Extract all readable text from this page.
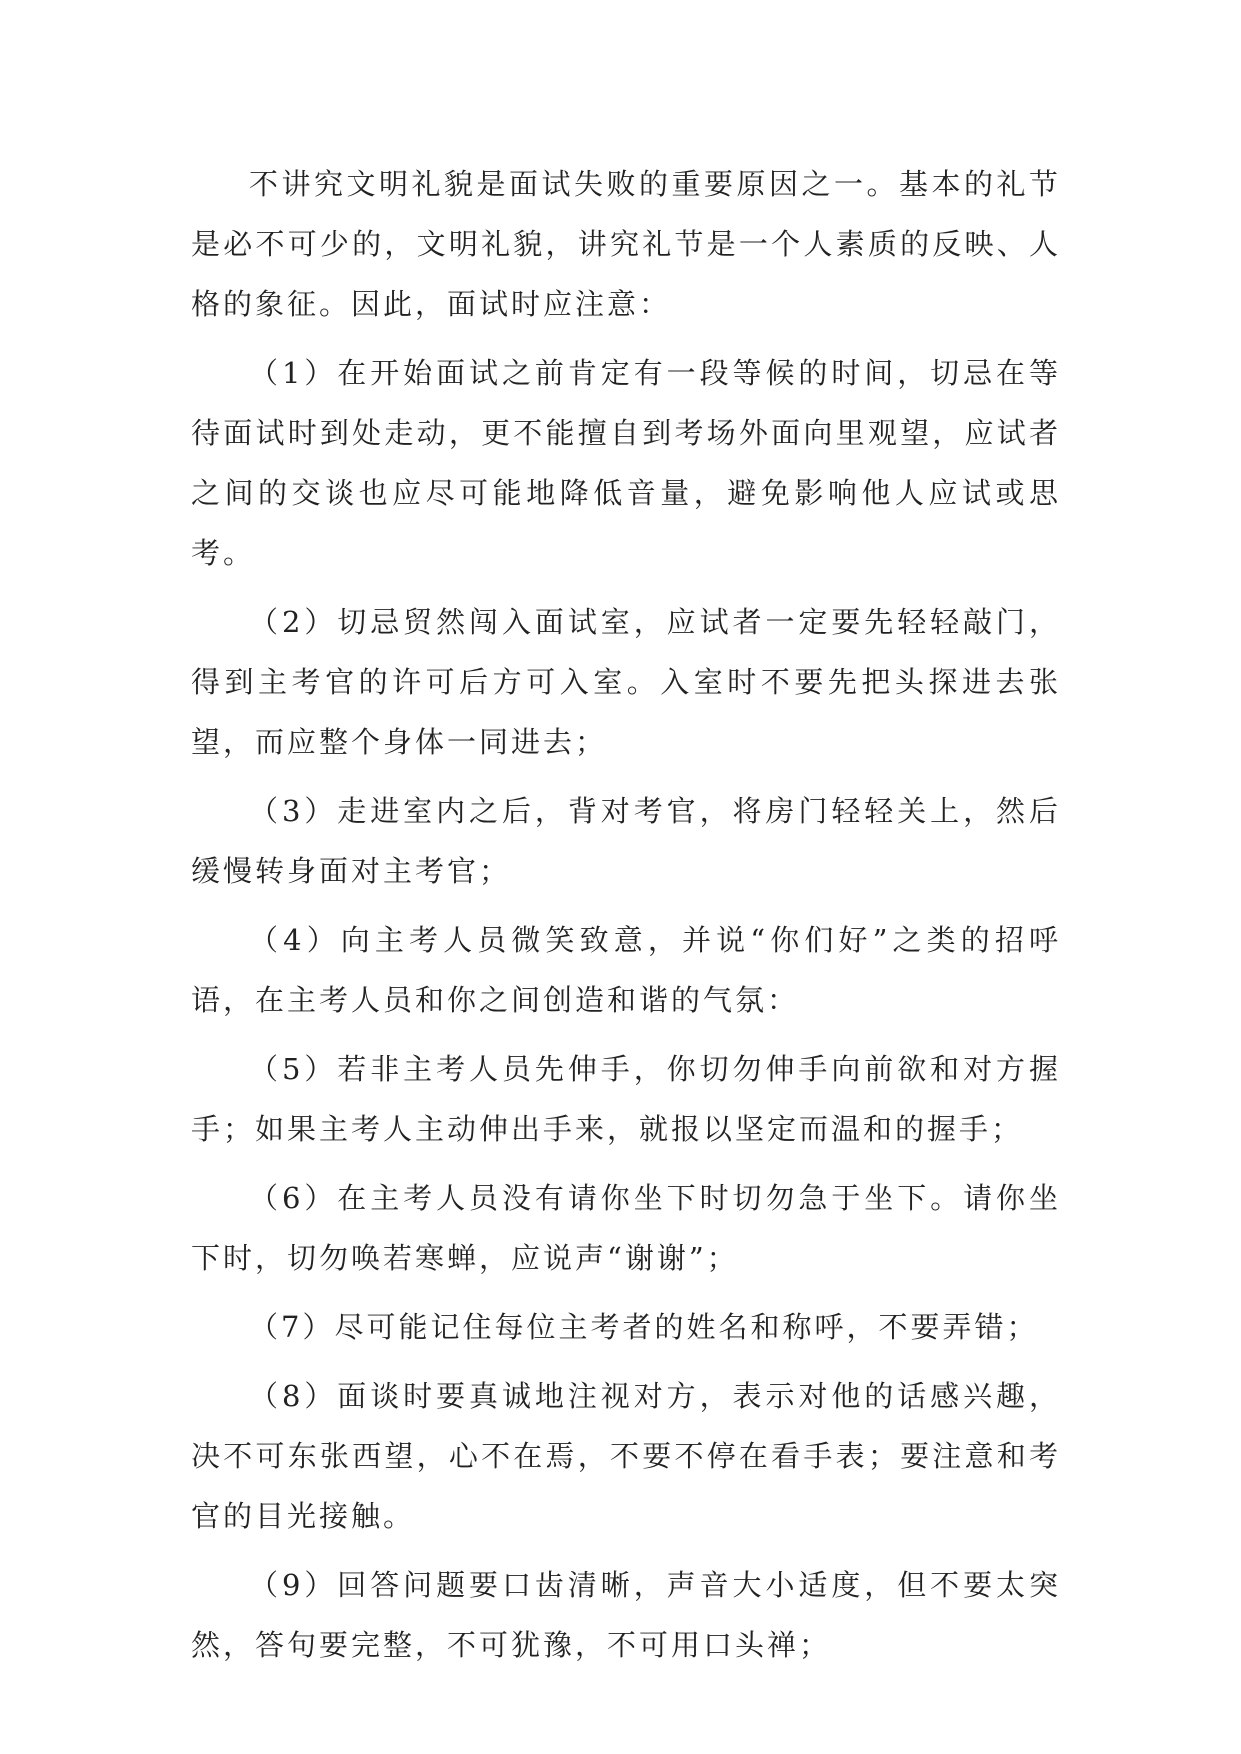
不讲究文明礼貌是面试失败的重要原因之一。基本的礼节是必不可少的，文明礼貌，讲究礼节是一个人素质的反映、人格的象征。因此，面试时应注意：

（1）在开始面试之前肯定有一段等候的时间，切忌在等待面试时到处走动，更不能擅自到考场外面向里观望，应试者之间的交谈也应尽可能地降低音量，避免影响他人应试或思考。

（2）切忌贸然闯入面试室，应试者一定要先轻轻敲门，得到主考官的许可后方可入室。入室时不要先把头探进去张望，而应整个身体一同进去；

（3）走进室内之后，背对考官，将房门轻轻关上，然后缓慢转身面对主考官；

（4）向主考人员微笑致意，并说“你们好”之类的招呼语，在主考人员和你之间创造和谐的气氛：

（5）若非主考人员先伸手，你切勿伸手向前欲和对方握手；如果主考人主动伸出手来，就报以坚定而温和的握手；

（6）在主考人员没有请你坐下时切勿急于坐下。请你坐下时，切勿唤若寒蝉，应说声“谢谢”；

（7）尽可能记住每位主考者的姓名和称呼，不要弄错；

（8）面谈时要真诚地注视对方，表示对他的话感兴趣，决不可东张西望，心不在焉，不要不停在看手表；要注意和考官的目光接触。

（9）回答问题要口齿清晰，声音大小适度，但不要太突然，答句要完整，不可犹豫，不可用口头禅；
